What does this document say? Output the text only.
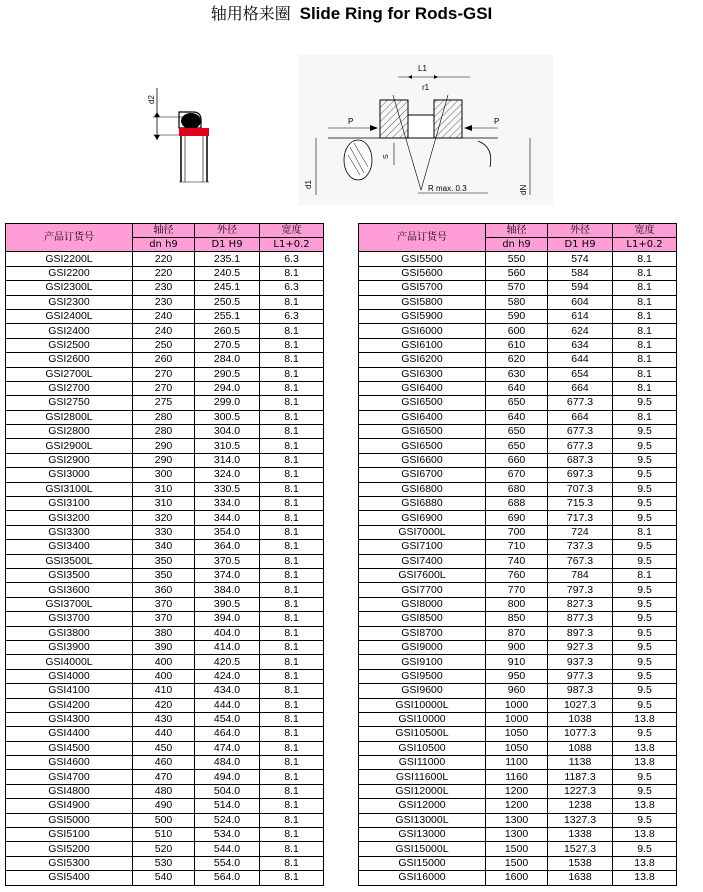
轴用格来圈 Slide Ring for Rods-GSI
d2
L1
r1
P	P
S
d1
dN
R max. 0.3
产品订货号	轴径	外径	宽度
	dn h9	D1 H9	L1+0.2
GSI2200L	220	235.1	6.3
GSI2200	220	240.5	8.1
GSI2300L	230	245.1	6.3
GSI2300	230	250.5	8.1
GSI2400L	240	255.1	6.3
GSI2400	240	260.5	8.1
GSI2500	250	270.5	8.1
GSI2600	260	284.0	8.1
GSI2700L	270	290.5	8.1
GSI2700	270	294.0	8.1
GSI2750	275	299.0	8.1
GSI2800L	280	300.5	8.1
GSI2800	280	304.0	8.1
GSI2900L	290	310.5	8.1
GSI2900	290	314.0	8.1
GSI3000	300	324.0	8.1
GSI3100L	310	330.5	8.1
GSI3100	310	334.0	8.1
GSI3200	320	344.0	8.1
GSI3300	330	354.0	8.1
GSI3400	340	364.0	8.1
GSI3500L	350	370.5	8.1
GSI3500	350	374.0	8.1
GSI3600	360	384.0	8.1
GSI3700L	370	390.5	8.1
GSI3700	370	394.0	8.1
GSI3800	380	404.0	8.1
GSI3900	390	414.0	8.1
GSI4000L	400	420.5	8.1
GSI4000	400	424.0	8.1
GSI4100	410	434.0	8.1
GSI4200	420	444.0	8.1
GSI4300	430	454.0	8.1
GSI4400	440	464.0	8.1
GSI4500	450	474.0	8.1
GSI4600	460	484.0	8.1
GSI4700	470	494.0	8.1
GSI4800	480	504.0	8.1
GSI4900	490	514.0	8.1
GSI5000	500	524.0	8.1
GSI5100	510	534.0	8.1
GSI5200	520	544.0	8.1
GSI5300	530	554.0	8.1
GSI5400	540	564.0	8.1
产品订货号	轴径	外径	宽度
	dn h9	D1 H9	L1+0.2
GSI5500	550	574	8.1
GSI5600	560	584	8.1
GSI5700	570	594	8.1
GSI5800	580	604	8.1
GSI5900	590	614	8.1
GSI6000	600	624	8.1
GSI6100	610	634	8.1
GSI6200	620	644	8.1
GSI6300	630	654	8.1
GSI6400	640	664	8.1
GSI6500	650	677.3	9.5
GSI6400	640	664	8.1
GSI6500	650	677.3	9.5
GSI6500	650	677.3	9.5
GSI6600	660	687.3	9.5
GSI6700	670	697.3	9.5
GSI6800	680	707.3	9.5
GSI6880	688	715.3	9.5
GSI6900	690	717.3	9.5
GSI7000L	700	724	8.1
GSI7100	710	737.3	9.5
GSI7400	740	767.3	9.5
GSI7600L	760	784	8.1
GSI7700	770	797.3	9.5
GSI8000	800	827.3	9.5
GSI8500	850	877.3	9.5
GSI8700	870	897.3	9.5
GSI9000	900	927.3	9.5
GSI9100	910	937.3	9.5
GSI9500	950	977.3	9.5
GSI9600	960	987.3	9.5
GSI10000L	1000	1027.3	9.5
GSI10000	1000	1038	13.8
GSI10500L	1050	1077.3	9.5
GSI10500	1050	1088	13.8
GSI11000	1100	1138	13.8
GSI11600L	1160	1187.3	9.5
GSI12000L	1200	1227.3	9.5
GSI12000	1200	1238	13.8
GSI13000L	1300	1327.3	9.5
GSI13000	1300	1338	13.8
GSI15000L	1500	1527.3	9.5
GSI15000	1500	1538	13.8
GSI16000	1600	1638	13.8
